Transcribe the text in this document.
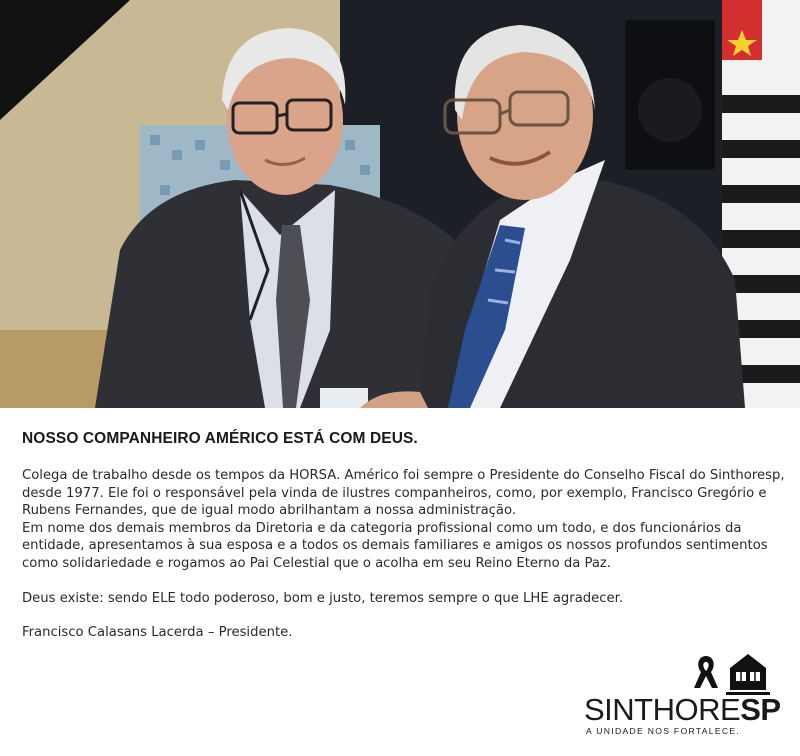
NOSSO COMPANHEIRO AMÉRICO ESTÁ COM DEUS.

Colega de trabalho desde os tempos da HORSA. Américo foi sempre o Presidente do Conselho Fiscal do Sinthoresp, desde 1977. Ele foi o responsável pela vinda de ilustres companheiros, como, por exemplo, Francisco Gregório e Rubens Fernandes, que de igual modo abrilhantam a nossa administração.
Em nome dos demais membros da Diretoria e da categoria profissional como um todo, e dos funcionários da entidade, apresentamos à sua esposa e a todos os demais familiares e amigos os nossos profundos sentimentos como solidariedade e rogamos ao Pai Celestial que o acolha em seu Reino Eterno da Paz.
Deus existe: sendo ELE todo poderoso, bom e justo, teremos sempre o que LHE agradecer.
Francisco Calasans Lacerda – Presidente.

SINTHORESP
A UNIDADE NOS FORTALECE.
